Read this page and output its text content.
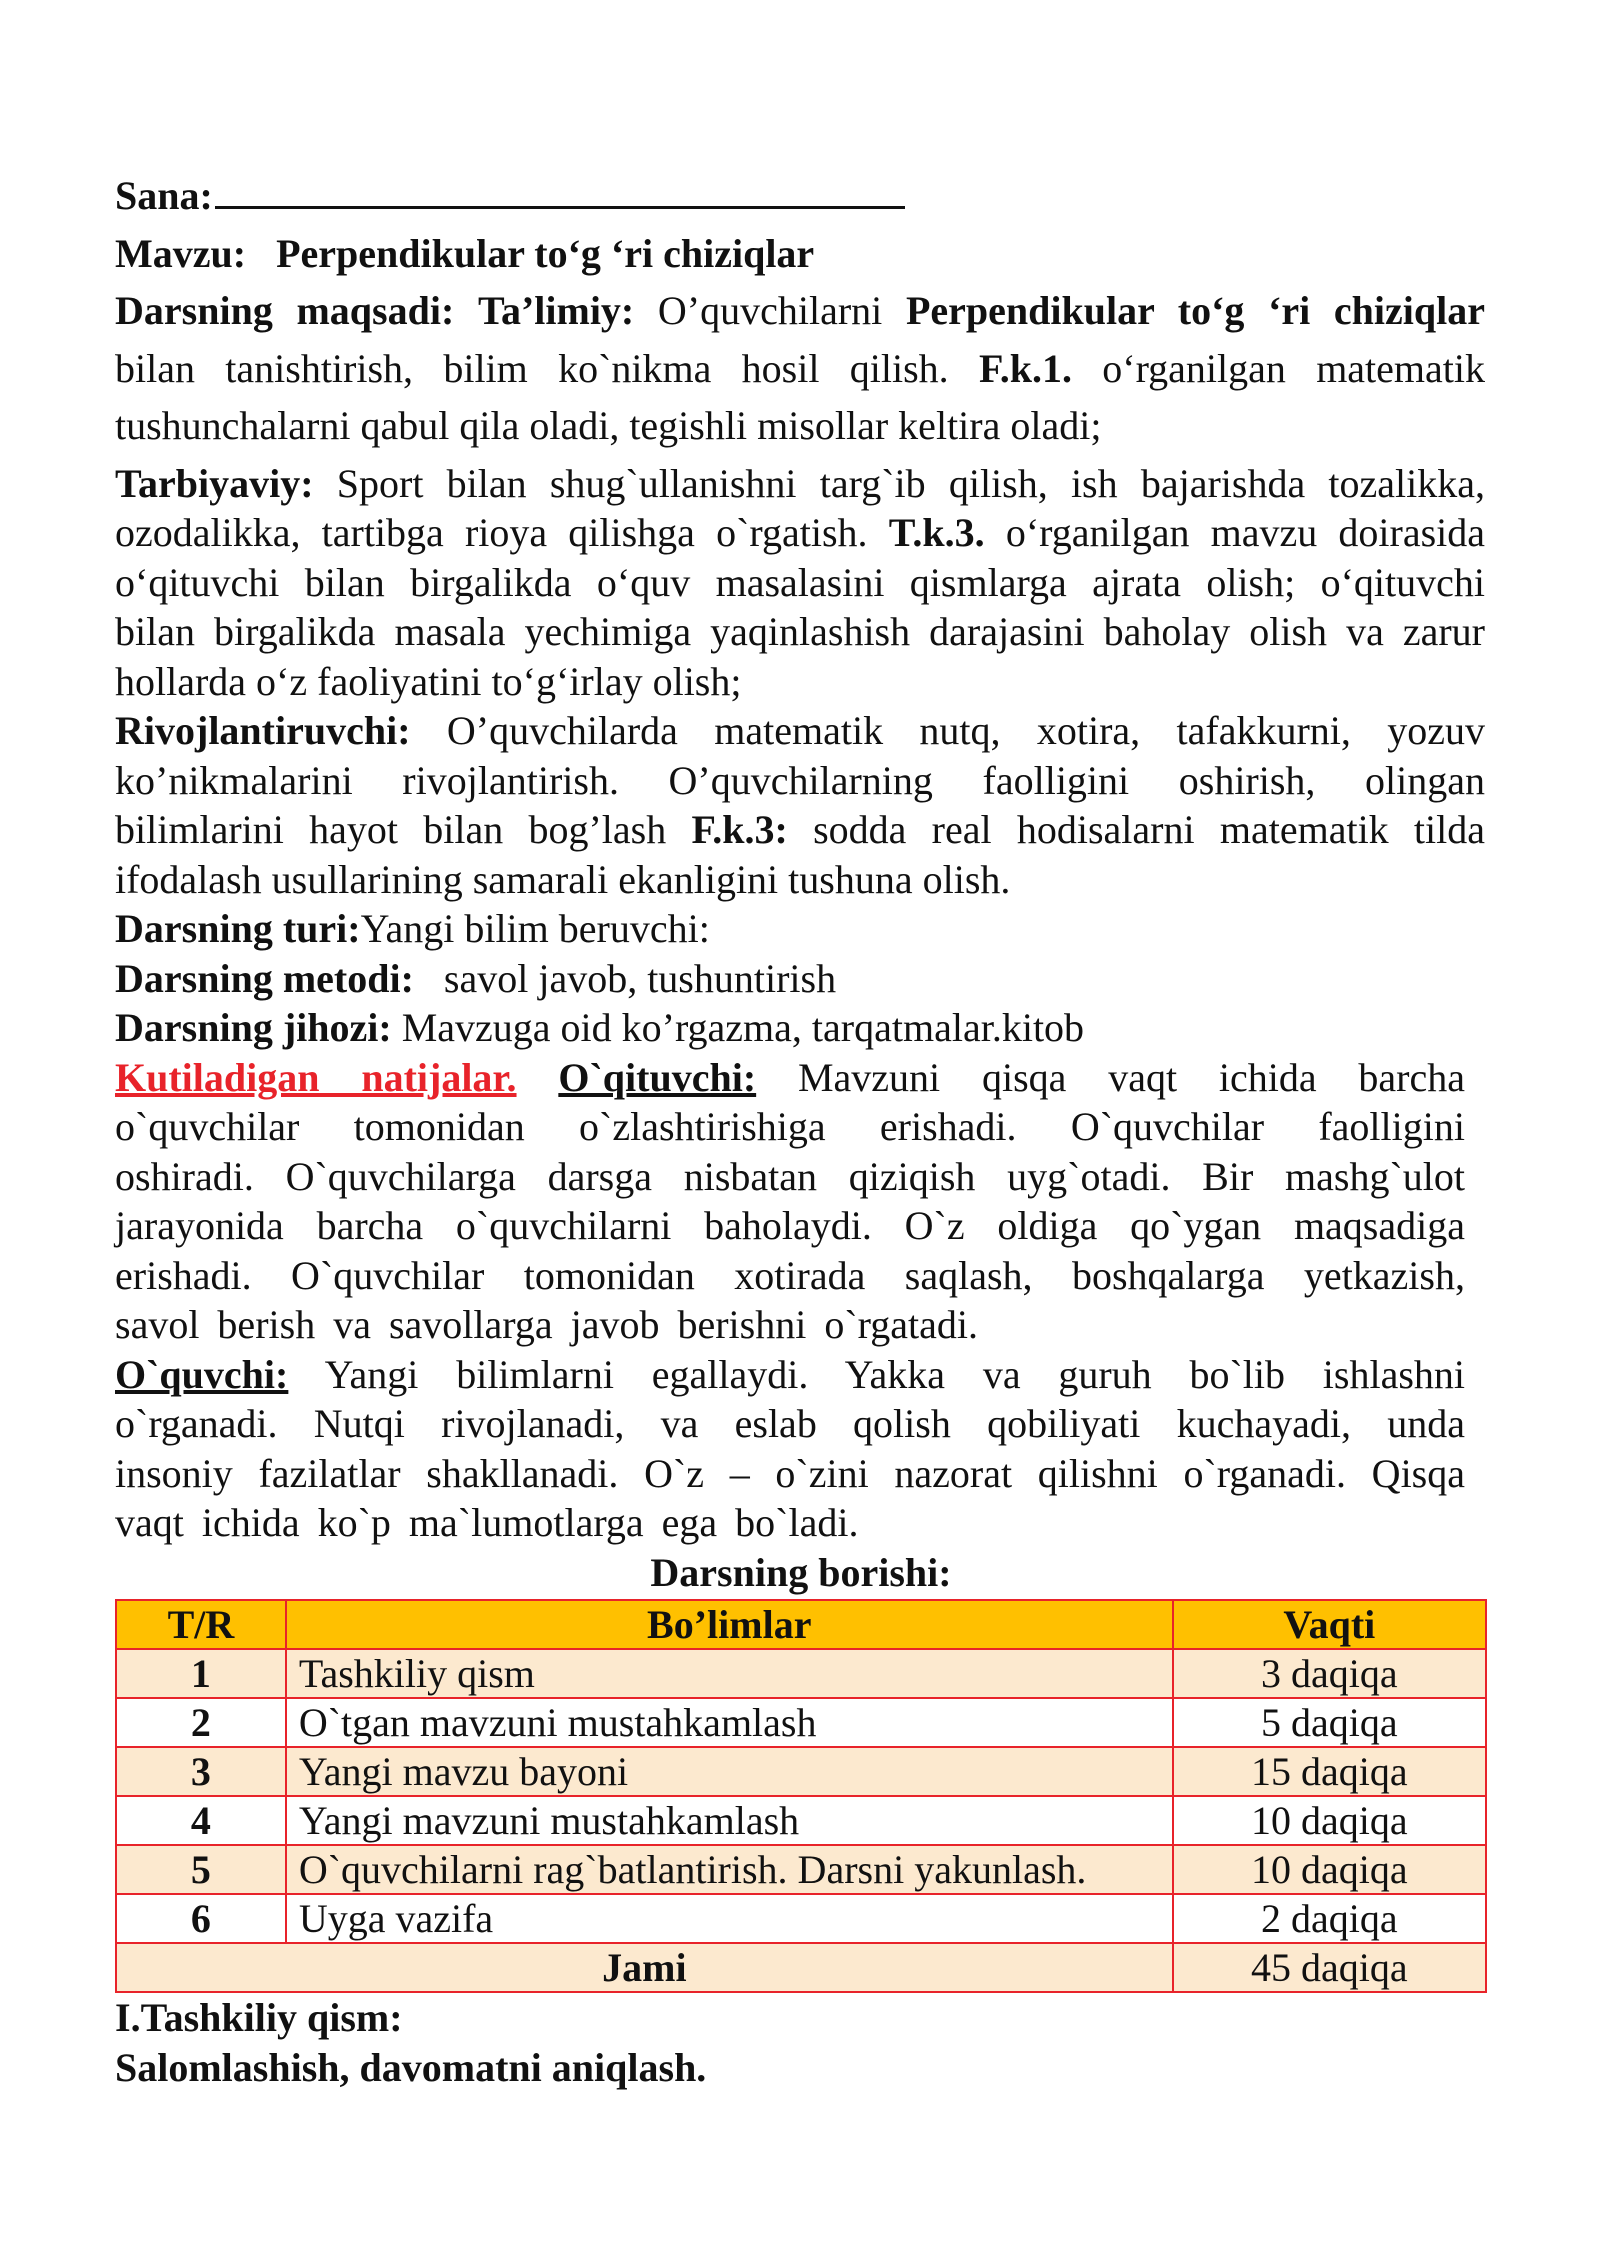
Sana:

Mavzu: Perpendikular to‘g ‘ri chiziqlar

Darsning maqsadi: Ta’limiy: O’quvchilarni Perpendikular to‘g ‘ri chiziqlar

bilan tanishtirish, bilim ko`nikma hosil qilish. F.k.1. o‘rganilgan matematik

tushunchalarni qabul qila oladi, tegishli misollar keltira oladi;

Tarbiyaviy: Sport bilan shug`ullanishni targ`ib qilish, ish bajarishda tozalikka,

ozodalikka, tartibga rioya qilishga o`rgatish. T.k.3. o‘rganilgan mavzu doirasida

o‘qituvchi bilan birgalikda o‘quv masalasini qismlarga ajrata olish; o‘qituvchi

bilan birgalikda masala yechimiga yaqinlashish darajasini baholay olish va zarur

hollarda o‘z faoliyatini to‘g‘irlay olish;

Rivojlantiruvchi: O’quvchilarda matematik nutq, xotira, tafakkurni, yozuv

ko’nikmalarini rivojlantirish. O’quvchilarning faolligini oshirish, olingan

bilimlarini hayot bilan bog’lash F.k.3: sodda real hodisalarni matematik tilda

ifodalash usullarining samarali ekanligini tushuna olish.

Darsning turi:Yangi bilim beruvchi:

Darsning metodi: savol javob, tushuntirish

Darsning jihozi: Mavzuga oid ko’rgazma, tarqatmalar.kitob

Kutiladigan natijalar. O`qituvchi: Mavzuni qisqa vaqt ichida barcha

o`quvchilar tomonidan o`zlashtirishiga erishadi. O`quvchilar faolligini

oshiradi. O`quvchilarga darsga nisbatan qiziqish uyg`otadi. Bir mashg`ulot

jarayonida barcha o`quvchilarni baholaydi. O`z oldiga qo`ygan maqsadiga

erishadi. O`quvchilar tomonidan xotirada saqlash, boshqalarga yetkazish,

savol berish va savollarga javob berishni o`rgatadi.

O`quvchi: Yangi bilimlarni egallaydi. Yakka va guruh bo`lib ishlashni

o`rganadi. Nutqi rivojlanadi, va eslab qolish qobiliyati kuchayadi, unda

insoniy fazilatlar shakllanadi. O`z – o`zini nazorat qilishni o`rganadi. Qisqa

vaqt ichida ko`p ma`lumotlarga ega bo`ladi.

Darsning borishi:

T/R	Bo’limlar	Vaqti
1	Tashkiliy qism	3 daqiqa
2	O`tgan mavzuni mustahkamlash	5 daqiqa
3	Yangi mavzu bayoni	15 daqiqa
4	Yangi mavzuni mustahkamlash	10 daqiqa
5	O`quvchilarni rag`batlantirish. Darsni yakunlash.	10 daqiqa
6	Uyga vazifa	2 daqiqa
Jami		45 daqiqa

I.Tashkiliy qism:

Salomlashish, davomatni aniqlash.
